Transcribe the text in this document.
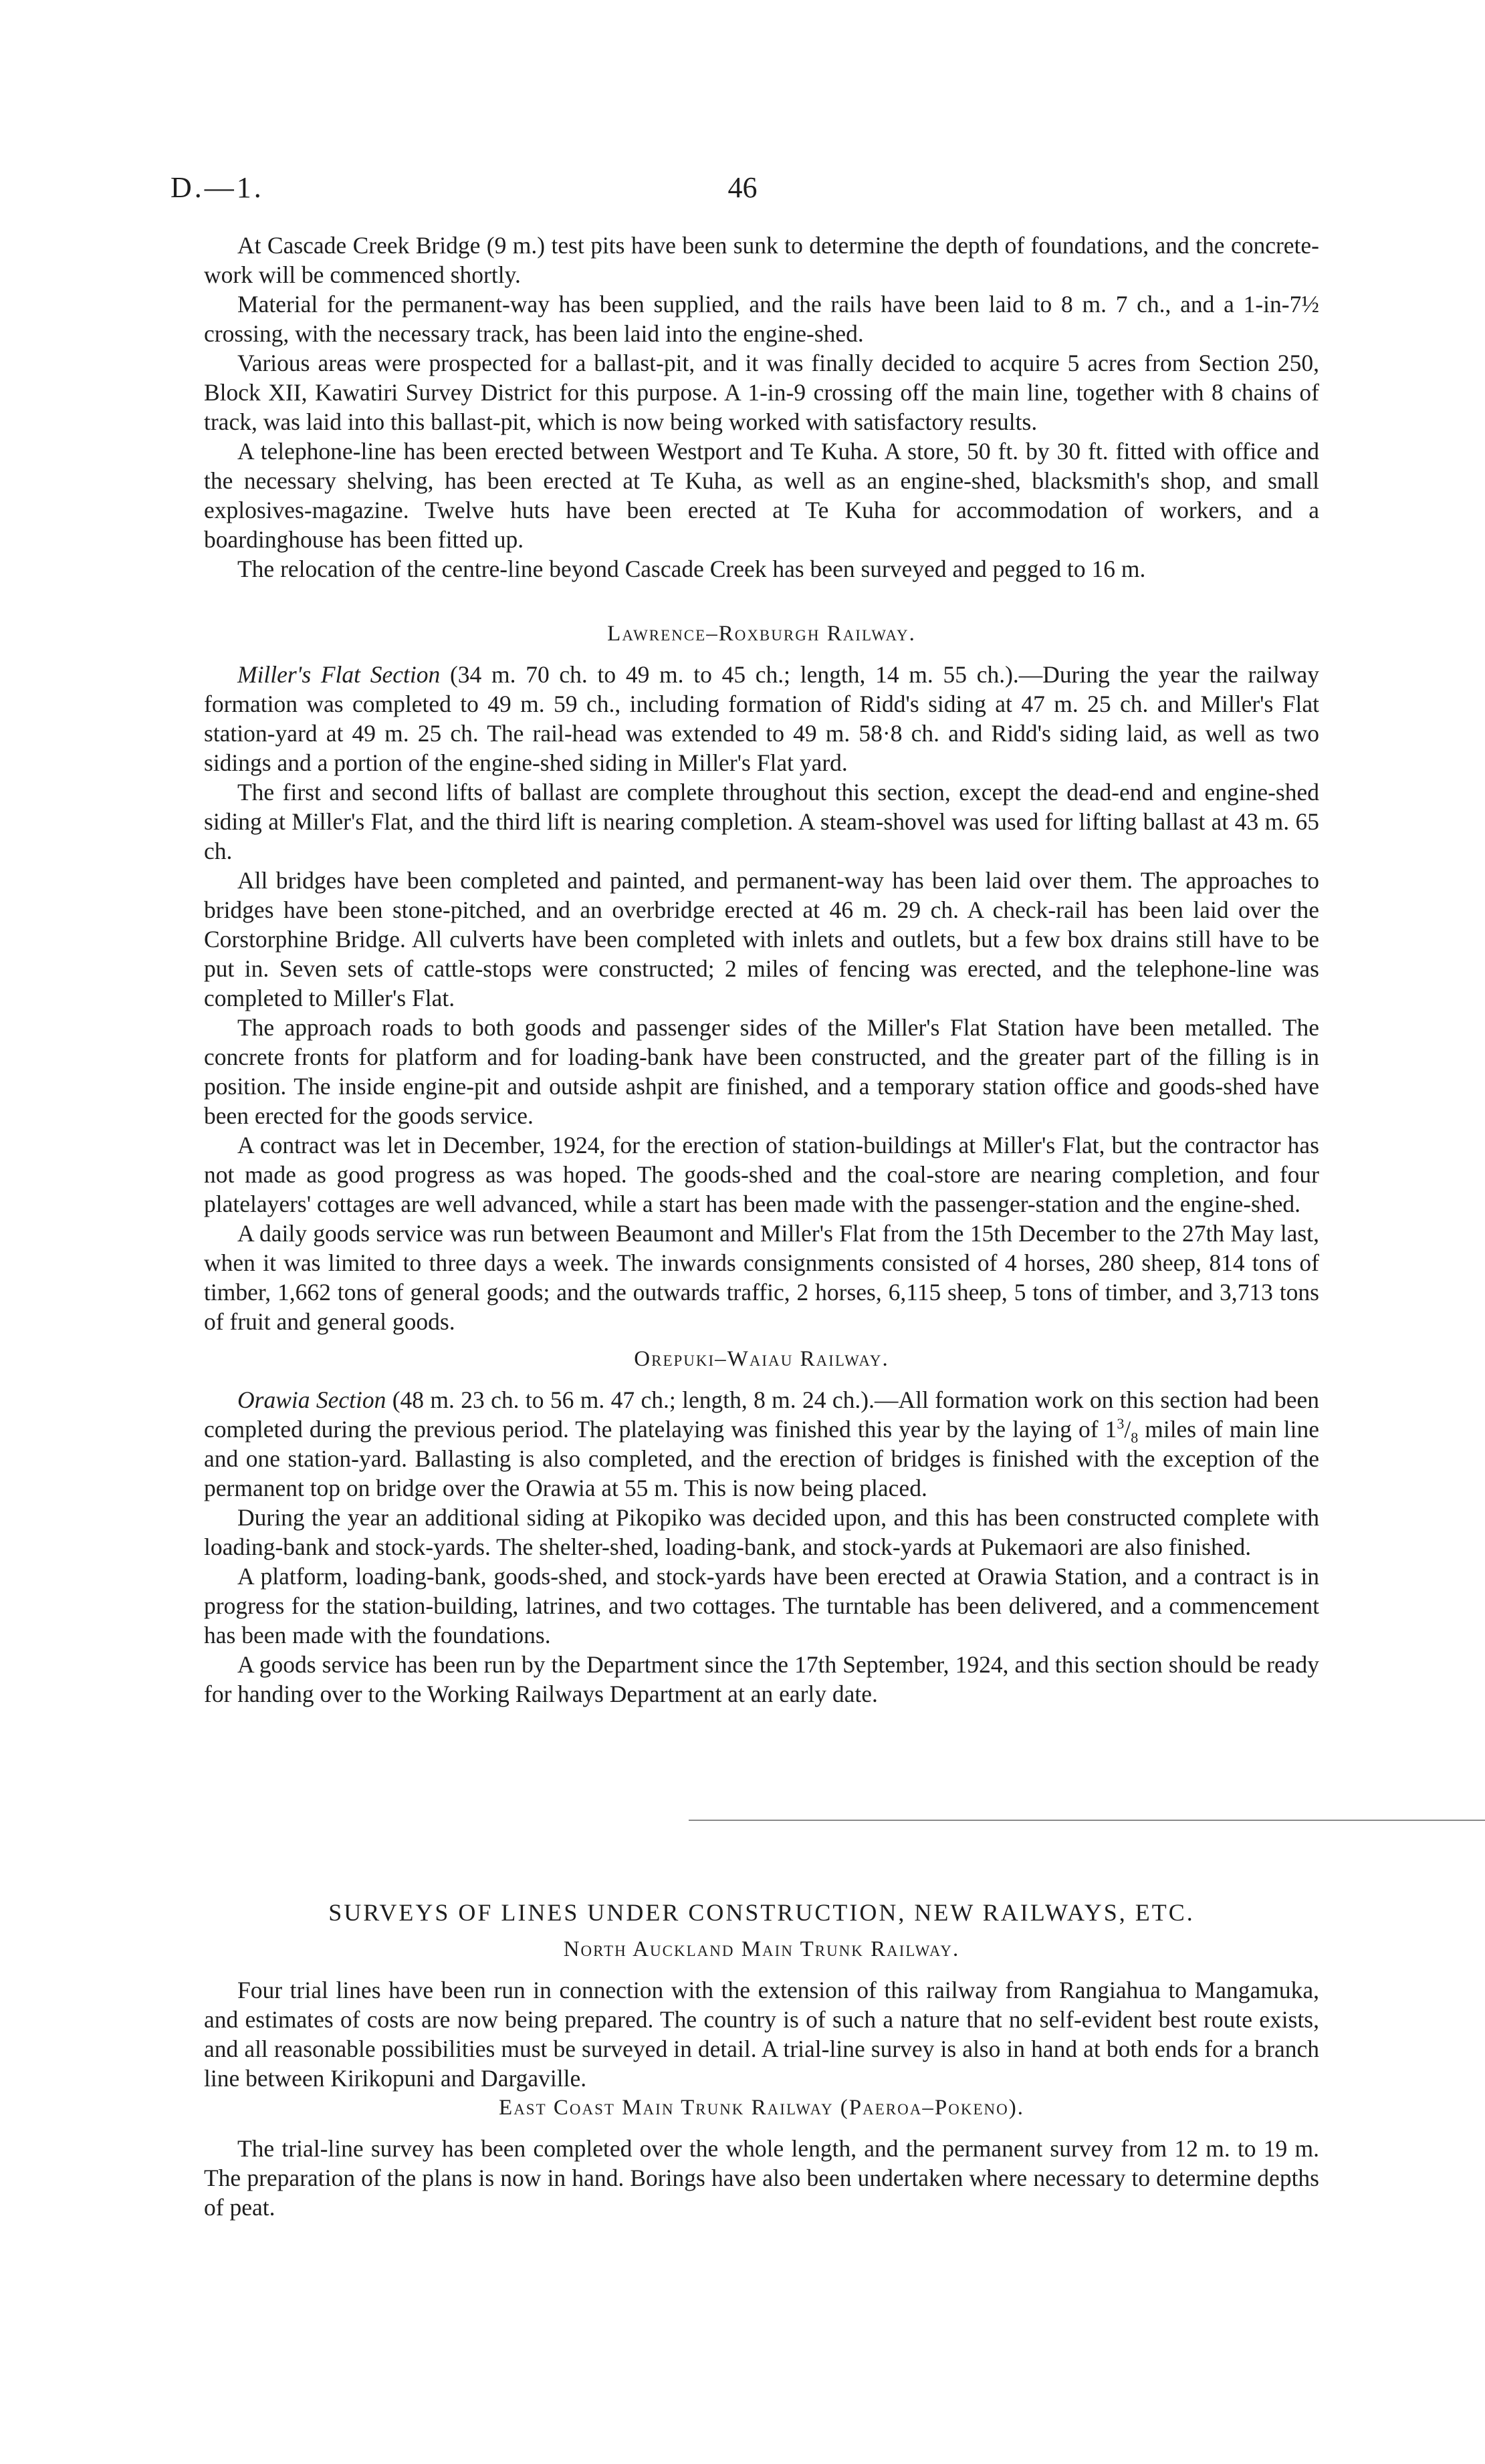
D.—1.	46

At Cascade Creek Bridge (9 m.) test pits have been sunk to determine the depth of foundations, and the concrete-work will be commenced shortly.

Material for the permanent-way has been supplied, and the rails have been laid to 8 m. 7 ch., and a 1-in-7½ crossing, with the necessary track, has been laid into the engine-shed.

Various areas were prospected for a ballast-pit, and it was finally decided to acquire 5 acres from Section 250, Block XII, Kawatiri Survey District for this purpose. A 1-in-9 crossing off the main line, together with 8 chains of track, was laid into this ballast-pit, which is now being worked with satisfactory results.

A telephone-line has been erected between Westport and Te Kuha. A store, 50 ft. by 30 ft. fitted with office and the necessary shelving, has been erected at Te Kuha, as well as an engine-shed, blacksmith's shop, and small explosives-magazine. Twelve huts have been erected at Te Kuha for accommodation of workers, and a boardinghouse has been fitted up.

The relocation of the centre-line beyond Cascade Creek has been surveyed and pegged to 16 m.

Lawrence–Roxburgh Railway.

Miller's Flat Section (34 m. 70 ch. to 49 m. to 45 ch.; length, 14 m. 55 ch.).—During the year the railway formation was completed to 49 m. 59 ch., including formation of Ridd's siding at 47 m. 25 ch. and Miller's Flat station-yard at 49 m. 25 ch. The rail-head was extended to 49 m. 58·8 ch. and Ridd's siding laid, as well as two sidings and a portion of the engine-shed siding in Miller's Flat yard.

The first and second lifts of ballast are complete throughout this section, except the dead-end and engine-shed siding at Miller's Flat, and the third lift is nearing completion. A steam-shovel was used for lifting ballast at 43 m. 65 ch.

All bridges have been completed and painted, and permanent-way has been laid over them. The approaches to bridges have been stone-pitched, and an overbridge erected at 46 m. 29 ch. A check-rail has been laid over the Corstorphine Bridge. All culverts have been completed with inlets and outlets, but a few box drains still have to be put in. Seven sets of cattle-stops were constructed; 2 miles of fencing was erected, and the telephone-line was completed to Miller's Flat.

The approach roads to both goods and passenger sides of the Miller's Flat Station have been metalled. The concrete fronts for platform and for loading-bank have been constructed, and the greater part of the filling is in position. The inside engine-pit and outside ashpit are finished, and a temporary station office and goods-shed have been erected for the goods service.

A contract was let in December, 1924, for the erection of station-buildings at Miller's Flat, but the contractor has not made as good progress as was hoped. The goods-shed and the coal-store are nearing completion, and four platelayers' cottages are well advanced, while a start has been made with the passenger-station and the engine-shed.

A daily goods service was run between Beaumont and Miller's Flat from the 15th December to the 27th May last, when it was limited to three days a week. The inwards consignments consisted of 4 horses, 280 sheep, 814 tons of timber, 1,662 tons of general goods; and the outwards traffic, 2 horses, 6,115 sheep, 5 tons of timber, and 3,713 tons of fruit and general goods.

Orepuki–Waiau Railway.

Orawia Section (48 m. 23 ch. to 56 m. 47 ch.; length, 8 m. 24 ch.).—All formation work on this section had been completed during the previous period. The platelaying was finished this year by the laying of $1^3/_8$ miles of main line and one station-yard. Ballasting is also completed, and the erection of bridges is finished with the exception of the permanent top on bridge over the Orawia at 55 m. This is now being placed.

During the year an additional siding at Pikopiko was decided upon, and this has been constructed complete with loading-bank and stock-yards. The shelter-shed, loading-bank, and stock-yards at Pukemaori are also finished.

A platform, loading-bank, goods-shed, and stock-yards have been erected at Orawia Station, and a contract is in progress for the station-building, latrines, and two cottages. The turntable has been delivered, and a commencement has been made with the foundations.

A goods service has been run by the Department since the 17th September, 1924, and this section should be ready for handing over to the Working Railways Department at an early date.

SURVEYS OF LINES UNDER CONSTRUCTION, NEW RAILWAYS, ETC.
North Auckland Main Trunk Railway.

Four trial lines have been run in connection with the extension of this railway from Rangiahua to Mangamuka, and estimates of costs are now being prepared. The country is of such a nature that no self-evident best route exists, and all reasonable possibilities must be surveyed in detail. A trial-line survey is also in hand at both ends for a branch line between Kirikopuni and Dargaville.

East Coast Main Trunk Railway (Paeroa–Pokeno).

The trial-line survey has been completed over the whole length, and the permanent survey from 12 m. to 19 m. The preparation of the plans is now in hand. Borings have also been undertaken where necessary to determine depths of peat.
